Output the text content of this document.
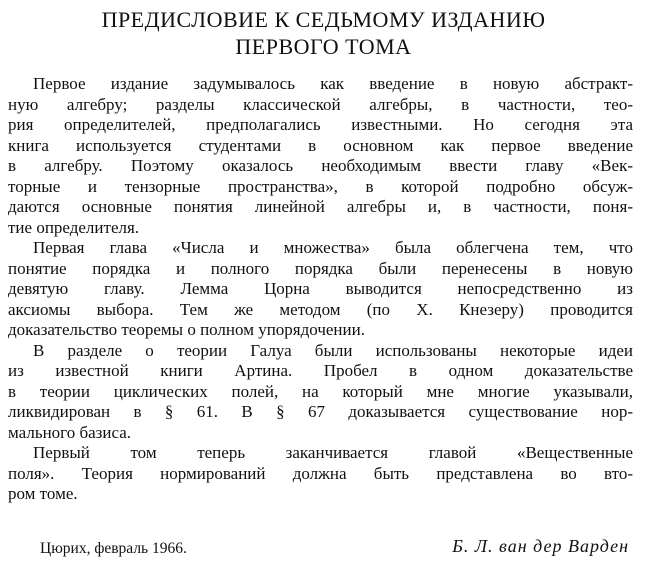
ПРЕДИСЛОВИЕ К СЕДЬМОМУ ИЗДАНИЮ
ПЕРВОГО ТОМА
Первое издание задумывалось как введение в новую абстракт-
ную алгебру; разделы классической алгебры, в частности, тео-
рия определителей, предполагались известными. Но сегодня эта
книга используется студентами в основном как первое введение
в алгебру. Поэтому оказалось необходимым ввести главу «Век-
торные и тензорные пространства», в которой подробно обсуж-
даются основные понятия линейной алгебры и, в частности, поня-
тие определителя.
Первая глава «Числа и множества» была облегчена тем, что
понятие порядка и полного порядка были перенесены в новую
девятую главу. Лемма Цорна выводится непосредственно из
аксиомы выбора. Тем же методом (по X. Кнезеру) проводится
доказательство теоремы о полном упорядочении.
В разделе о теории Галуа были использованы некоторые идеи
из известной книги Артина. Пробел в одном доказательстве
в теории циклических полей, на который мне многие указывали,
ликвидирован в § 61. В § 67 доказывается существование нор-
мального базиса.
Первый том теперь заканчивается главой «Вещественные
поля». Теория нормирований должна быть представлена во вто-
ром томе.
Цюрих, февраль 1966.	Б. Л. ван дер Варден
